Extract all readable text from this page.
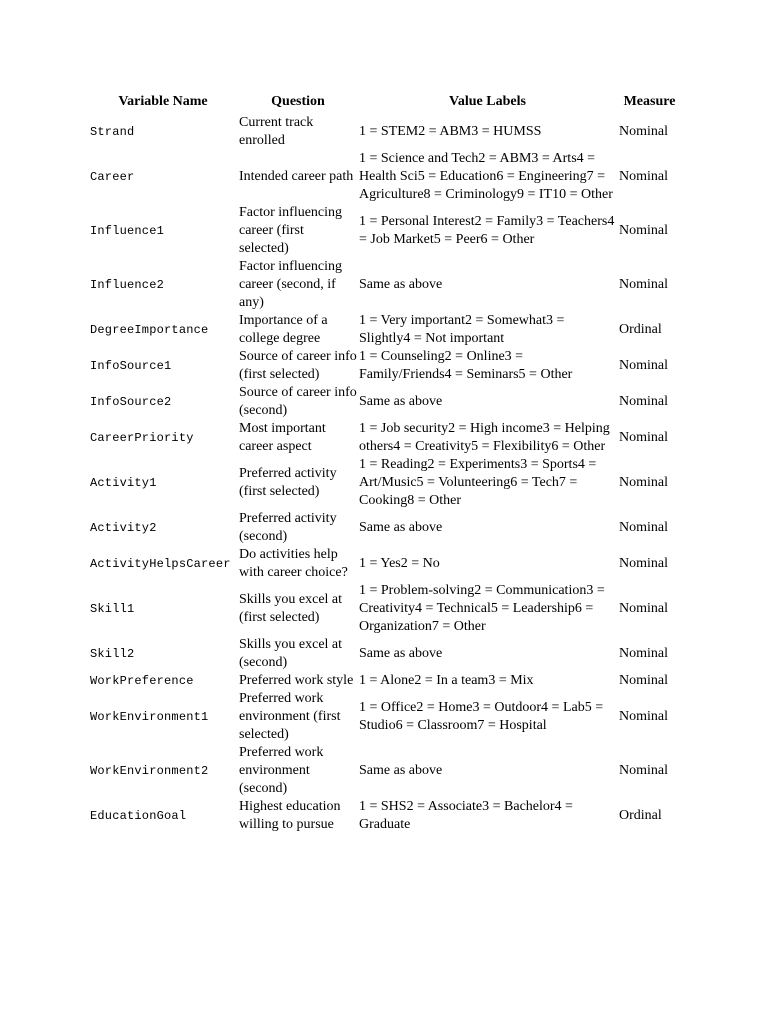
Variable Name	Question	Value Labels	Measure
Strand	Current track enrolled	1 = STEM2 = ABM3 = HUMSS	Nominal
Career	Intended career path	1 = Science and Tech2 = ABM3 = Arts4 = Health Sci5 = Education6 = Engineering7 = Agriculture8 = Criminology9 = IT10 = Other	Nominal
Influence1	Factor influencing career (first selected)	1 = Personal Interest2 = Family3 = Teachers4 = Job Market5 = Peer6 = Other	Nominal
Influence2	Factor influencing career (second, if any)	Same as above	Nominal
DegreeImportance	Importance of a college degree	1 = Very important2 = Somewhat3 = Slightly4 = Not important	Ordinal
InfoSource1	Source of career info (first selected)	1 = Counseling2 = Online3 = Family/Friends4 = Seminars5 = Other	Nominal
InfoSource2	Source of career info (second)	Same as above	Nominal
CareerPriority	Most important career aspect	1 = Job security2 = High income3 = Helping others4 = Creativity5 = Flexibility6 = Other	Nominal
Activity1	Preferred activity (first selected)	1 = Reading2 = Experiments3 = Sports4 = Art/Music5 = Volunteering6 = Tech7 = Cooking8 = Other	Nominal
Activity2	Preferred activity (second)	Same as above	Nominal
ActivityHelpsCareer	Do activities help with career choice?	1 = Yes2 = No	Nominal
Skill1	Skills you excel at (first selected)	1 = Problem-solving2 = Communication3 = Creativity4 = Technical5 = Leadership6 = Organization7 = Other	Nominal
Skill2	Skills you excel at (second)	Same as above	Nominal
WorkPreference	Preferred work style	1 = Alone2 = In a team3 = Mix	Nominal
WorkEnvironment1	Preferred work environment (first selected)	1 = Office2 = Home3 = Outdoor4 = Lab5 = Studio6 = Classroom7 = Hospital	Nominal
WorkEnvironment2	Preferred work environment (second)	Same as above	Nominal
EducationGoal	Highest education willing to pursue	1 = SHS2 = Associate3 = Bachelor4 = Graduate	Ordinal
